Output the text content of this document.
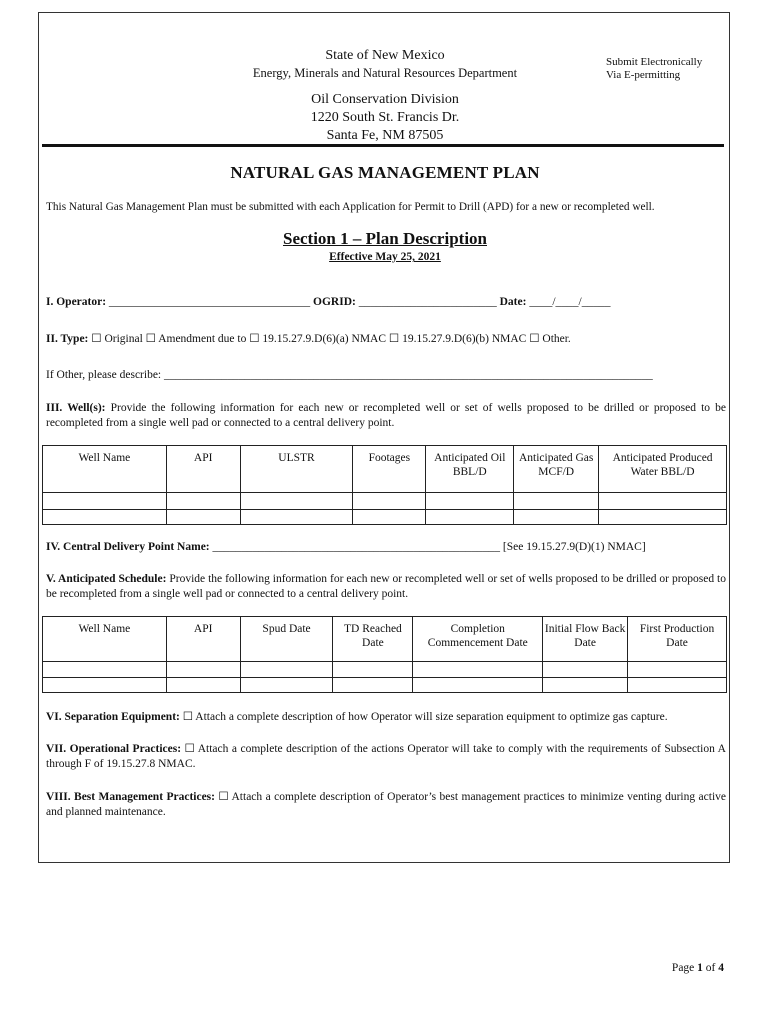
State of New Mexico
Energy, Minerals and Natural Resources Department
Submit Electronically
Via E-permitting
Oil Conservation Division
1220 South St. Francis Dr.
Santa Fe, NM 87505
NATURAL GAS MANAGEMENT PLAN
This Natural Gas Management Plan must be submitted with each Application for Permit to Drill (APD) for a new or recompleted well.
Section 1 – Plan Description
Effective May 25, 2021
I. Operator: ___________________________________ OGRID: ________________________ Date: ____/____/_____
II. Type: ☐ Original ☐ Amendment due to ☐ 19.15.27.9.D(6)(a) NMAC ☐ 19.15.27.9.D(6)(b) NMAC ☐ Other.
If Other, please describe: _____________________________________________________________________________________
III. Well(s): Provide the following information for each new or recompleted well or set of wells proposed to be drilled or proposed to be recompleted from a single well pad or connected to a central delivery point.
Well Name	API	ULSTR	Footages	Anticipated Oil BBL/D	Anticipated Gas MCF/D	Anticipated Produced Water BBL/D

IV. Central Delivery Point Name: __________________________________________________ [See 19.15.27.9(D)(1) NMAC]
V. Anticipated Schedule: Provide the following information for each new or recompleted well or set of wells proposed to be drilled or proposed to be recompleted from a single well pad or connected to a central delivery point.
Well Name	API	Spud Date	TD Reached Date	Completion Commencement Date	Initial Flow Back Date	First Production Date

VI. Separation Equipment: ☐ Attach a complete description of how Operator will size separation equipment to optimize gas capture.
VII. Operational Practices: ☐ Attach a complete description of the actions Operator will take to comply with the requirements of Subsection A through F of 19.15.27.8 NMAC.
VIII. Best Management Practices: ☐ Attach a complete description of Operator’s best management practices to minimize venting during active and planned maintenance.
Page 1 of 4
